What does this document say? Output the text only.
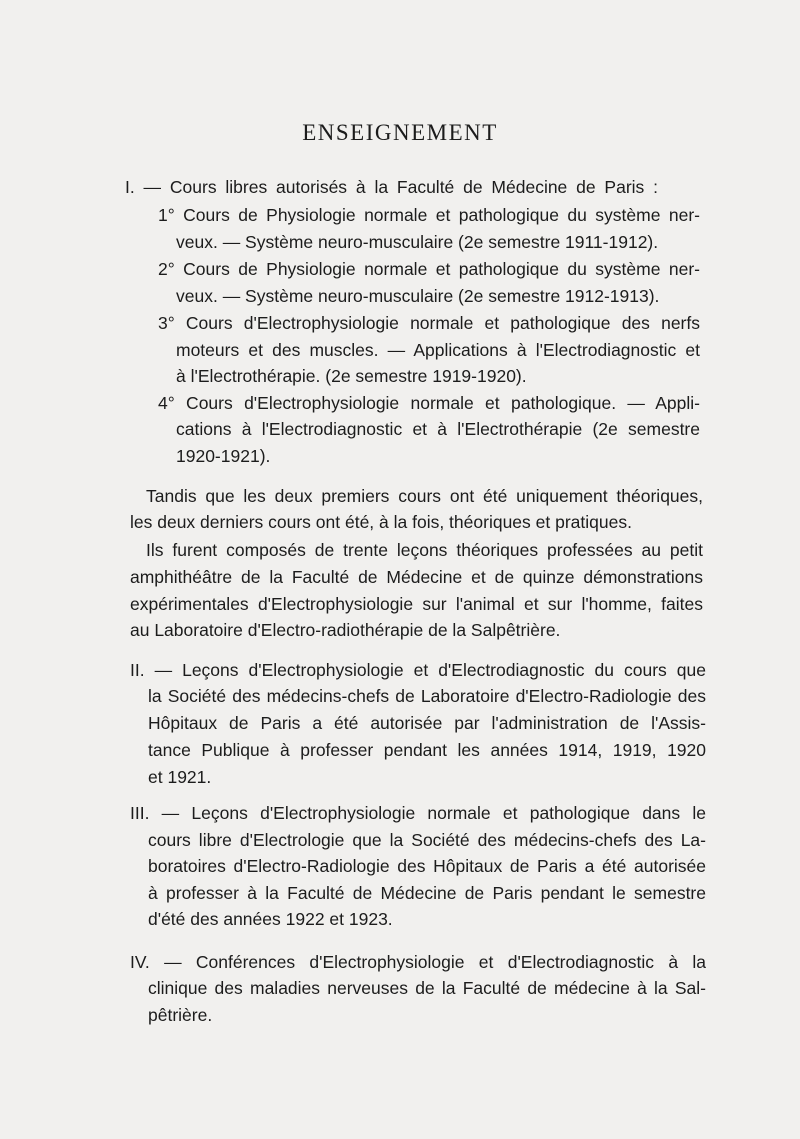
ENSEIGNEMENT
I. — Cours libres autorisés à la Faculté de Médecine de Paris :
1° Cours de Physiologie normale et pathologique du système ner-
veux. — Système neuro-musculaire (2e semestre 1911-1912).
2° Cours de Physiologie normale et pathologique du système ner-
veux. — Système neuro-musculaire (2e semestre 1912-1913).
3° Cours d'Electrophysiologie normale et pathologique des nerfs
moteurs et des muscles. — Applications à l'Electrodiagnostic et
à l'Electrothérapie. (2e semestre 1919-1920).
4° Cours d'Electrophysiologie normale et pathologique. — Appli-
cations à l'Electrodiagnostic et à l'Electrothérapie (2e semestre
1920-1921).
Tandis que les deux premiers cours ont été uniquement théoriques,
les deux derniers cours ont été, à la fois, théoriques et pratiques.
Ils furent composés de trente leçons théoriques professées au petit
amphithéâtre de la Faculté de Médecine et de quinze démonstrations
expérimentales d'Electrophysiologie sur l'animal et sur l'homme, faites
au Laboratoire d'Electro-radiothérapie de la Salpêtrière.
II. — Leçons d'Electrophysiologie et d'Electrodiagnostic du cours que
la Société des médecins-chefs de Laboratoire d'Electro-Radiologie des
Hôpitaux de Paris a été autorisée par l'administration de l'Assis-
tance Publique à professer pendant les années 1914, 1919, 1920
et 1921.
III. — Leçons d'Electrophysiologie normale et pathologique dans le
cours libre d'Electrologie que la Société des médecins-chefs des La-
boratoires d'Electro-Radiologie des Hôpitaux de Paris a été autorisée
à professer à la Faculté de Médecine de Paris pendant le semestre
d'été des années 1922 et 1923.
IV. — Conférences d'Electrophysiologie et d'Electrodiagnostic à la
clinique des maladies nerveuses de la Faculté de médecine à la Sal-
pêtrière.
